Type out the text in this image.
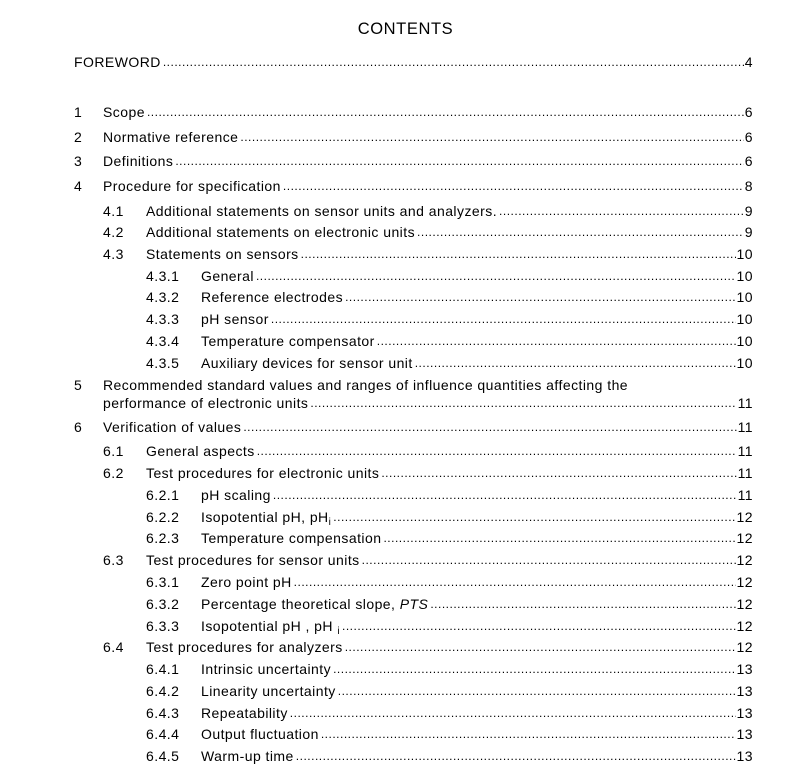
CONTENTS
FOREWORD .....	4
1 Scope .....	6
2 Normative reference .....	6
3 Definitions .....	6
4 Procedure for specification .....	8
4.1 Additional statements on sensor units and analyzers. .....	9
4.2 Additional statements on electronic units .....	9
4.3 Statements on sensors .....	10
4.3.1 General .....	10
4.3.2 Reference electrodes .....	10
4.3.3 pH sensor .....	10
4.3.4 Temperature compensator .....	10
4.3.5 Auxiliary devices for sensor unit .....	10
5 Recommended standard values and ranges of influence quantities affecting the
performance of electronic units .....	11
6 Verification of values .....	11
6.1 General aspects .....	11
6.2 Test procedures for electronic units .....	11
6.2.1 pH scaling .....	11
6.2.2 Isopotential pH, $pH_i$ .....	12
6.2.3 Temperature compensation .....	12
6.3 Test procedures for sensor units .....	12
6.3.1 Zero point pH .....	12
6.3.2 Percentage theoretical slope, PTS .....	12
6.3.3 Isopotential pH , pH $_i$ .....	12
6.4 Test procedures for analyzers .....	12
6.4.1 Intrinsic uncertainty .....	13
6.4.2 Linearity uncertainty .....	13
6.4.3 Repeatability .....	13
6.4.4 Output fluctuation .....	13
6.4.5 Warm-up time .....	13
